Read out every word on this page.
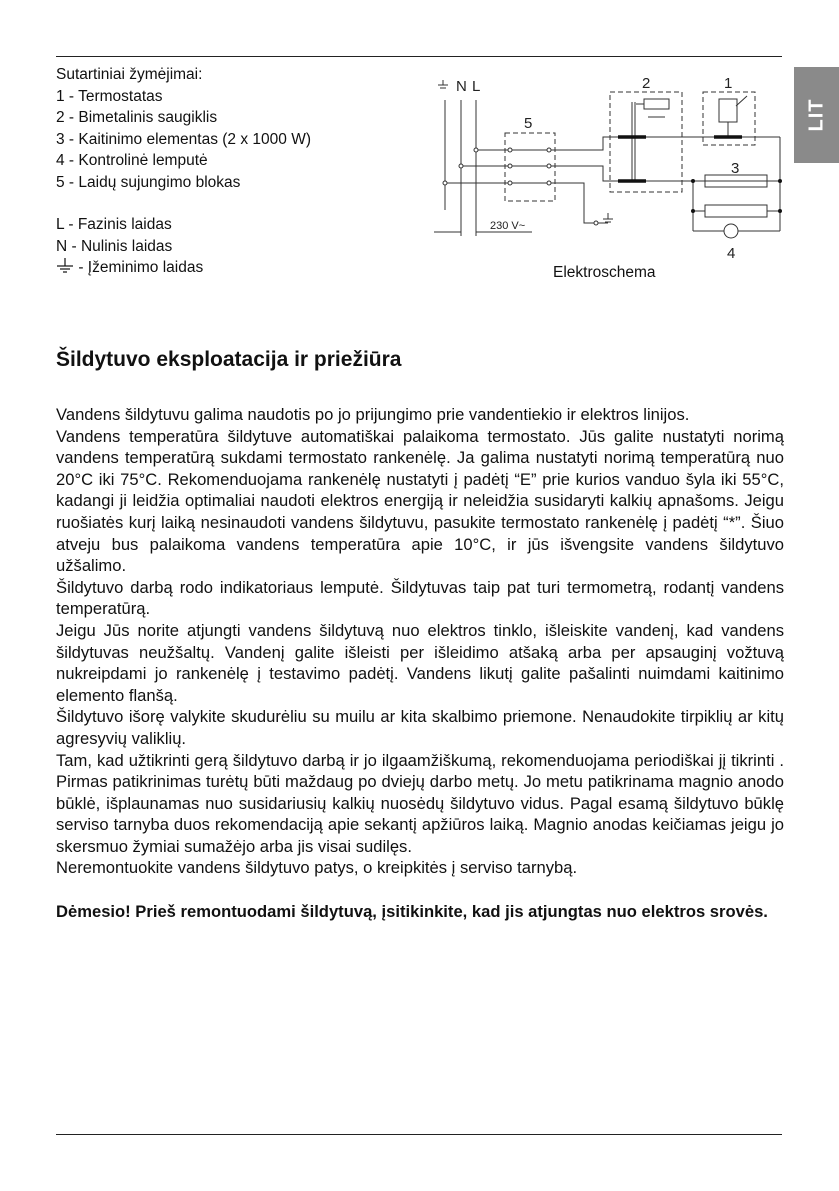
Sutartiniai žymėjimai:
1 - Termostatas
2 - Bimetalinis saugiklis
3 - Kaitinimo elementas (2 x 1000 W)
4 - Kontrolinė lemputė
5 - Laidų sujungimo blokas
L - Fazinis laidas
N - Nulinis laidas
- Įžeminimo laidas
N L
5
2	1
3
4
230 V~
Elektroschema
LIT
Šildytuvo eksploatacija ir priežiūra

Vandens šildytuvu galima naudotis po jo prijungimo prie vandentiekio ir elektros linijos.

Vandens temperatūra šildytuve automatiškai palaikoma termostato. Jūs galite nustatyti norimą vandens temperatūrą sukdami termostato rankenėlę. Ja galima nustatyti norimą temperatūrą nuo 20°C iki 75°C. Rekomenduojama rankenėlę nustatyti į padėtį “E” prie kurios vanduo šyla iki 55°C, kadangi ji leidžia optimaliai naudoti elektros energiją ir neleidžia susidaryti kalkių apnašoms. Jeigu ruošiatės kurį laiką nesinaudoti vandens šildytuvu, pasukite termostato rankenėlę į padėtį “*”. Šiuo atveju bus palaikoma vandens temperatūra apie 10°C, ir jūs išvengsite vandens šildytuvo užšalimo.

Šildytuvo darbą rodo indikatoriaus lemputė. Šildytuvas taip pat turi termometrą, rodantį vandens temperatūrą.

Jeigu Jūs norite atjungti vandens šildytuvą nuo elektros tinklo, išleiskite vandenį, kad vandens šildytuvas neužšaltų. Vandenį galite išleisti per išleidimo atšaką arba per apsauginį vožtuvą nukreipdami jo rankenėlę į testavimo padėtį. Vandens likutį galite pašalinti nuimdami kaitinimo elemento flanšą.

Šildytuvo išorę valykite skudurėliu su muilu ar kita skalbimo priemone. Nenaudokite tirpiklių ar kitų agresyvių valiklių.

Tam, kad užtikrinti gerą šildytuvo darbą ir jo ilgaamžiškumą, rekomenduojama periodiškai jį tikrinti . Pirmas patikrinimas turėtų būti maždaug po dviejų darbo metų. Jo metu patikrinama magnio anodo būklė, išplaunamas nuo susidariusių kalkių nuosėdų šildytuvo vidus. Pagal esamą šildytuvo būklę serviso tarnyba duos rekomendaciją apie sekantį apžiūros laiką. Magnio anodas keičiamas jeigu jo skersmuo žymiai sumažėjo arba jis visai sudilęs.

Neremontuokite vandens šildytuvo patys, o kreipkitės į serviso tarnybą.

Dėmesio! Prieš remontuodami šildytuvą, įsitikinkite, kad jis atjungtas nuo elektros srovės.
